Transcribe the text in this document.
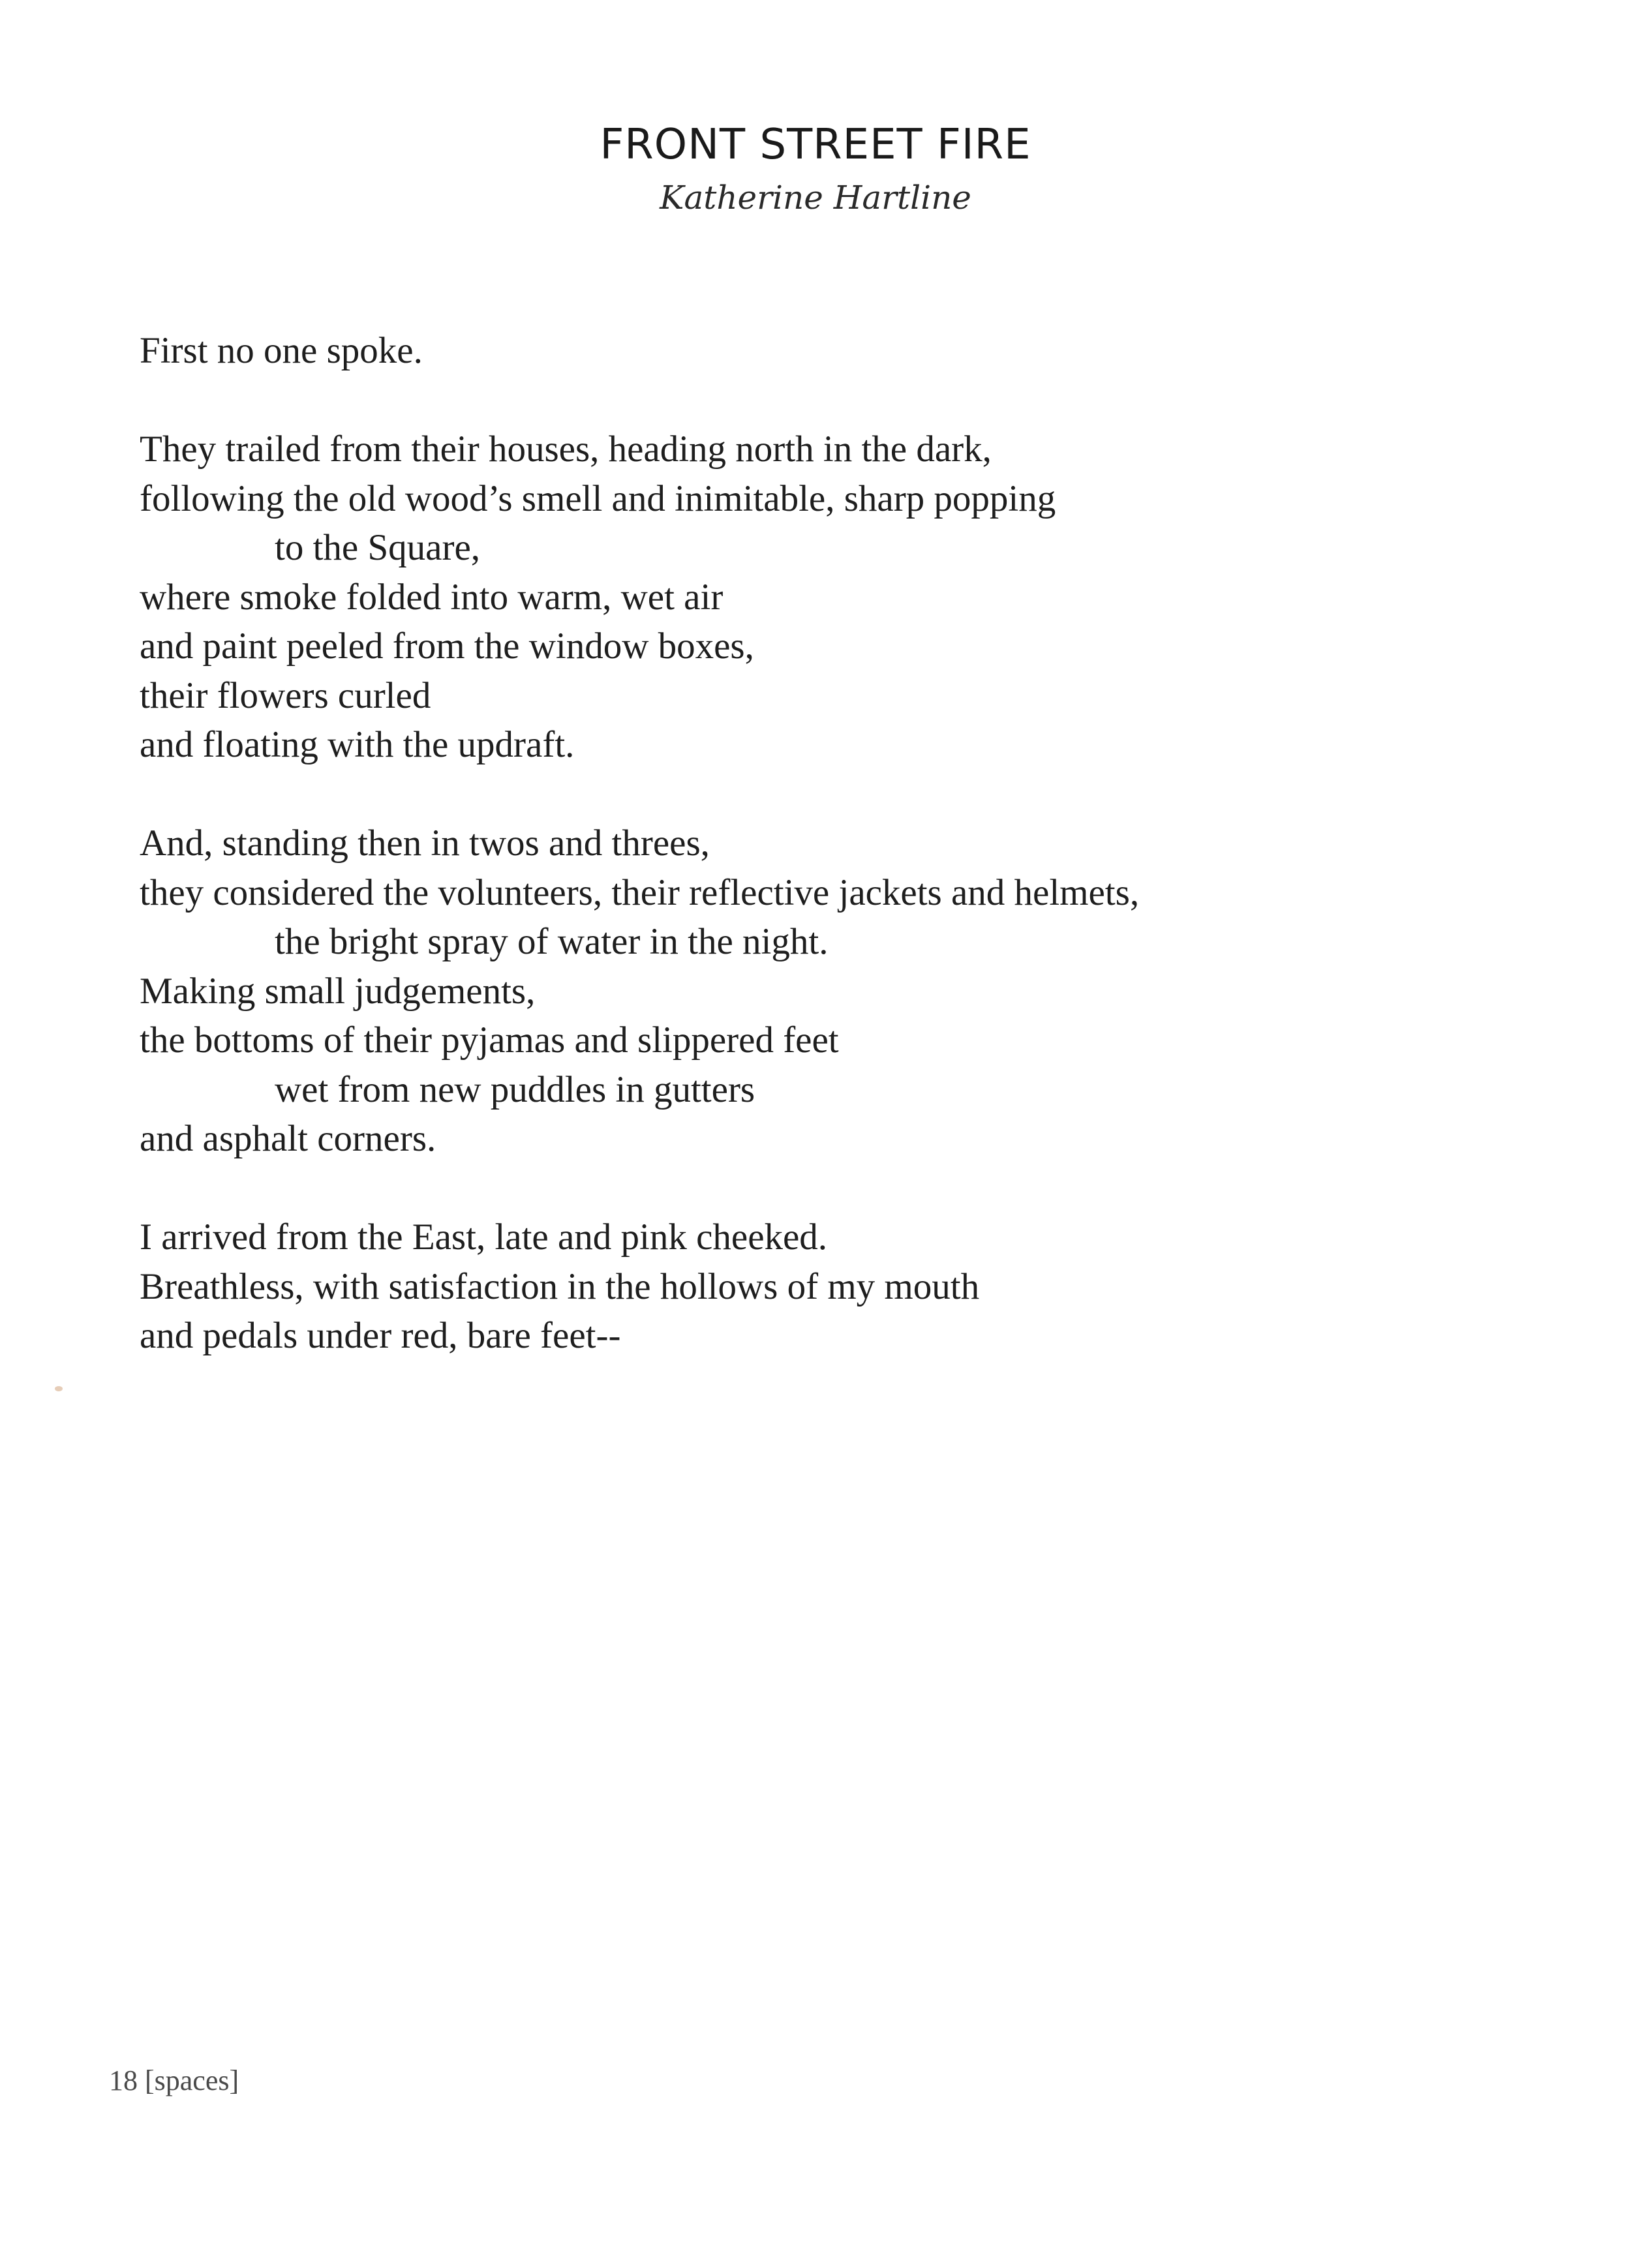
FRONT STREET FIRE
Katherine Hartline

First no one spoke.

They trailed from their houses, heading north in the dark,
following the old wood’s smell and inimitable, sharp popping
to the Square,
where smoke folded into warm, wet air
and paint peeled from the window boxes,
their flowers curled
and floating with the updraft.

And, standing then in twos and threes,
they considered the volunteers, their reflective jackets and helmets,
the bright spray of water in the night.
Making small judgements,
the bottoms of their pyjamas and slippered feet
wet from new puddles in gutters
and asphalt corners.

I arrived from the East, late and pink cheeked.
Breathless, with satisfaction in the hollows of my mouth
and pedals under red, bare feet--

18 [spaces]
